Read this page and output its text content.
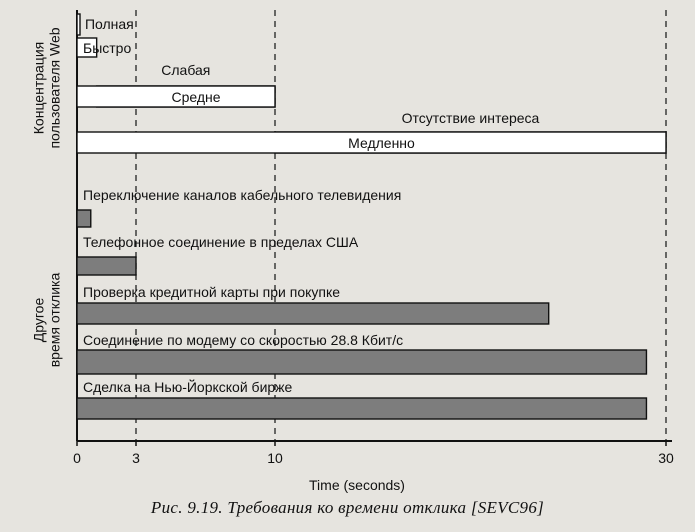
0	3	10	30
Time (seconds)
Концентрация пользователя Web
Полная
Быстро
Слабая
Средне
Отсутствие интереса
Медленно
Другое время отклика
Переключение каналов кабельного телевидения
Телефонное соединение в пределах США
Проверка кредитной карты при покупке
Соединение по модему со скоростью 28.8 Кбит/с
Сделка на Нью-Йоркской бирже
Рис. 9.19. Требования ко времени отклика [SEVC96]
